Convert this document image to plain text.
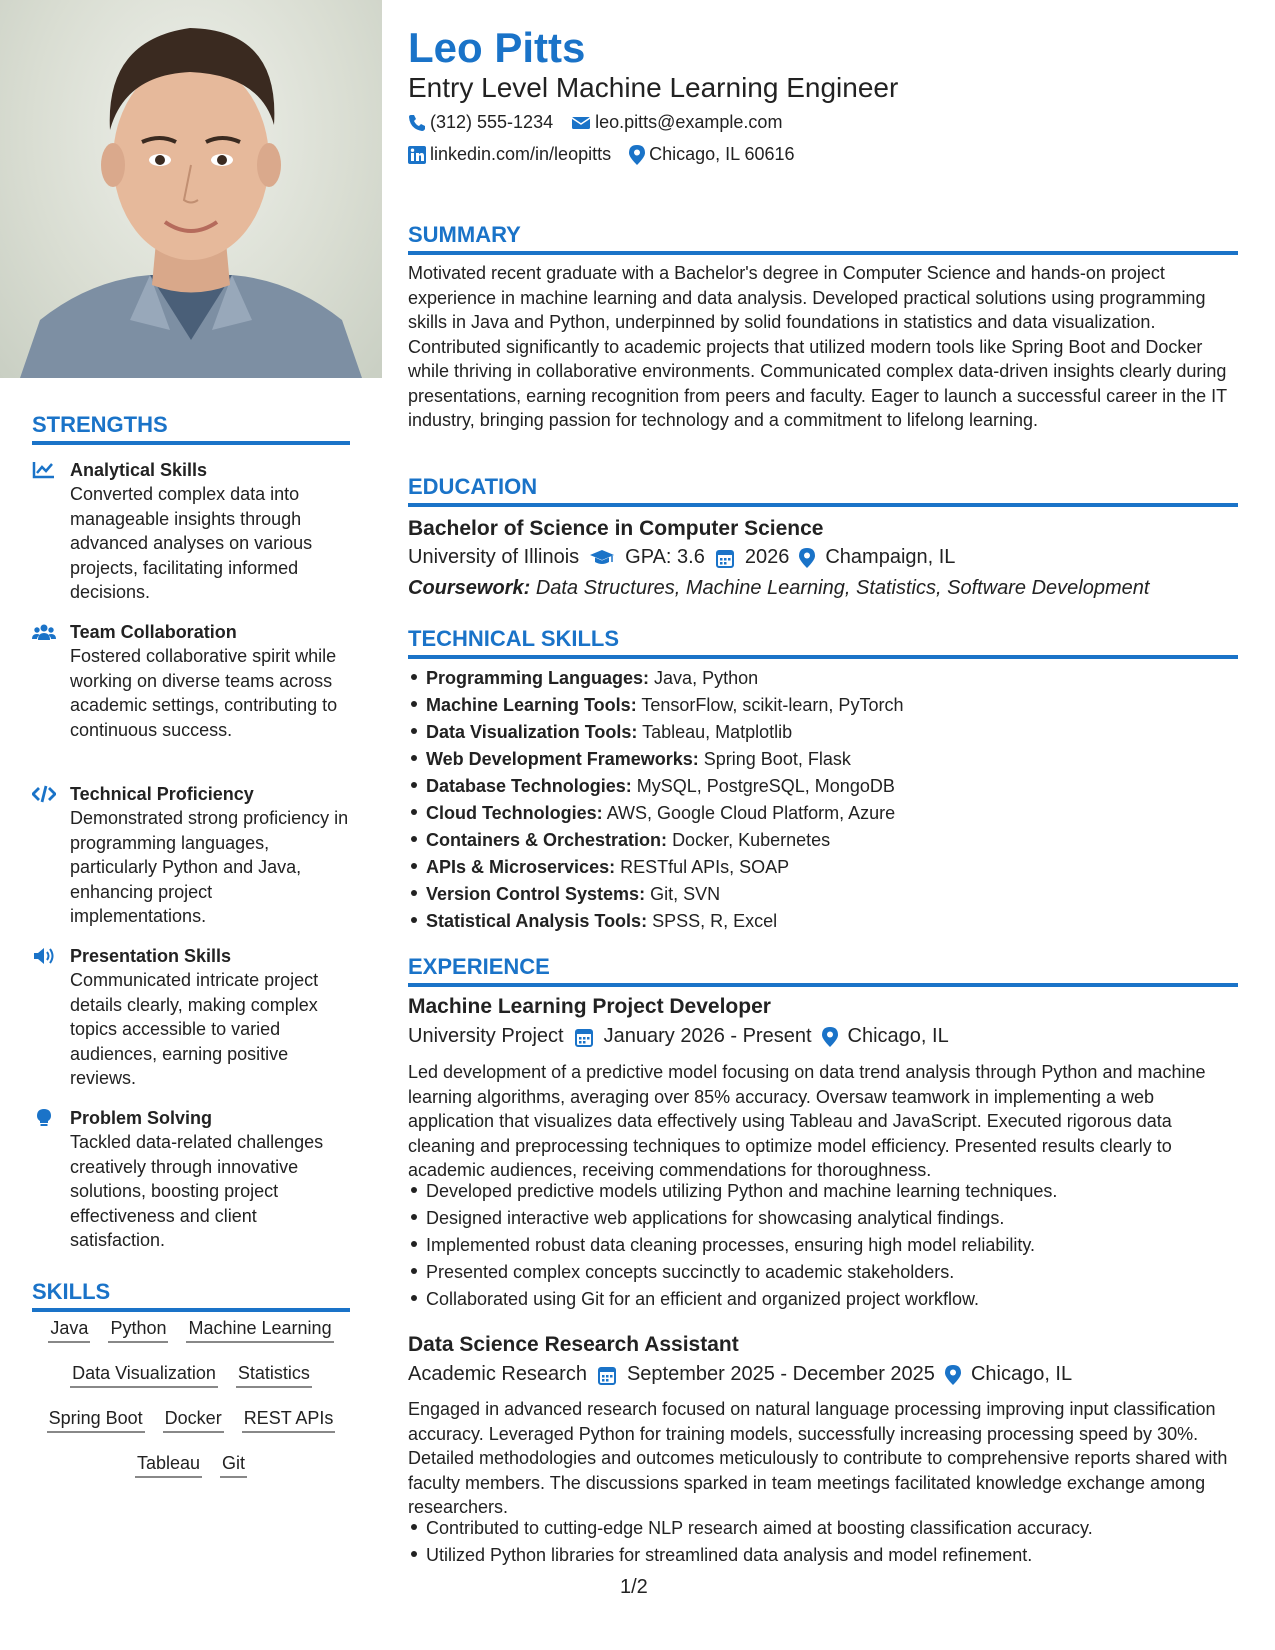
STRENGTHS
Analytical Skills
Converted complex data into manageable insights through advanced analyses on various projects, facilitating informed decisions.
Team Collaboration
Fostered collaborative spirit while working on diverse teams across academic settings, contributing to continuous success.
Technical Proficiency
Demonstrated strong proficiency in programming languages, particularly Python and Java, enhancing project implementations.
Presentation Skills
Communicated intricate project details clearly, making complex topics accessible to varied audiences, earning positive reviews.
Problem Solving
Tackled data-related challenges creatively through innovative solutions, boosting project effectiveness and client satisfaction.
SKILLS
Java Python Machine Learning
Data Visualization Statistics
Spring Boot Docker REST APIs
Tableau Git
Leo Pitts
Entry Level Machine Learning Engineer
(312) 555-1234 leo.pitts@example.com
linkedin.com/in/leopitts Chicago, IL 60616
SUMMARY
Motivated recent graduate with a Bachelor's degree in Computer Science and hands-on project experience in machine learning and data analysis. Developed practical solutions using programming skills in Java and Python, underpinned by solid foundations in statistics and data visualization. Contributed significantly to academic projects that utilized modern tools like Spring Boot and Docker while thriving in collaborative environments. Communicated complex data-driven insights clearly during presentations, earning recognition from peers and faculty. Eager to launch a successful career in the IT industry, bringing passion for technology and a commitment to lifelong learning.
EDUCATION
Bachelor of Science in Computer Science
University of Illinois GPA: 3.6 2026 Champaign, IL
Coursework: Data Structures, Machine Learning, Statistics, Software Development
TECHNICAL SKILLS
Programming Languages: Java, Python
Machine Learning Tools: TensorFlow, scikit-learn, PyTorch
Data Visualization Tools: Tableau, Matplotlib
Web Development Frameworks: Spring Boot, Flask
Database Technologies: MySQL, PostgreSQL, MongoDB
Cloud Technologies: AWS, Google Cloud Platform, Azure
Containers & Orchestration: Docker, Kubernetes
APIs & Microservices: RESTful APIs, SOAP
Version Control Systems: Git, SVN
Statistical Analysis Tools: SPSS, R, Excel
EXPERIENCE
Machine Learning Project Developer
University Project January 2026 - Present Chicago, IL
Led development of a predictive model focusing on data trend analysis through Python and machine learning algorithms, averaging over 85% accuracy. Oversaw teamwork in implementing a web application that visualizes data effectively using Tableau and JavaScript. Executed rigorous data cleaning and preprocessing techniques to optimize model efficiency. Presented results clearly to academic audiences, receiving commendations for thoroughness.
Developed predictive models utilizing Python and machine learning techniques.
Designed interactive web applications for showcasing analytical findings.
Implemented robust data cleaning processes, ensuring high model reliability.
Presented complex concepts succinctly to academic stakeholders.
Collaborated using Git for an efficient and organized project workflow.
Data Science Research Assistant
Academic Research September 2025 - December 2025 Chicago, IL
Engaged in advanced research focused on natural language processing improving input classification accuracy. Leveraged Python for training models, successfully increasing processing speed by 30%. Detailed methodologies and outcomes meticulously to contribute to comprehensive reports shared with faculty members. The discussions sparked in team meetings facilitated knowledge exchange among researchers.
Contributed to cutting-edge NLP research aimed at boosting classification accuracy.
Utilized Python libraries for streamlined data analysis and model refinement.
1/2
